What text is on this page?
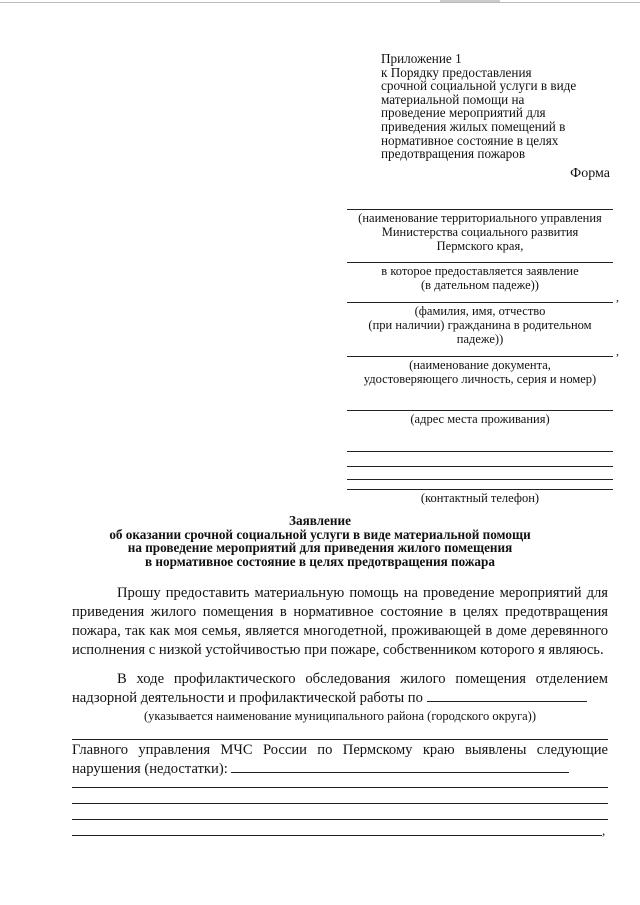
Приложение 1
к Порядку предоставления
срочной социальной услуги в виде
материальной помощи на
проведение мероприятий для
приведения жилых помещений в
нормативное состояние в целях
предотвращения пожаров
Форма
(наименование территориального управления
Министерства социального развития
Пермского края,
в которое предоставляется заявление
(в дательном падеже))
,
(фамилия, имя, отчество
(при наличии) гражданина в родительном
падеже))
,
(наименование документа,
удостоверяющего личность, серия и номер)
(адрес места проживания)
(контактный телефон)
Заявление
об оказании срочной социальной услуги в виде материальной помощи
на проведение мероприятий для приведения жилого помещения
в нормативное состояние в целях предотвращения пожара
Прошу предоставить материальную помощь на проведение мероприятий для приведения жилого помещения в нормативное состояние в целях предотвращения пожара, так как моя семья, является многодетной, проживающей в доме деревянного исполнения с низкой устойчивостью при пожаре, собственником которого я являюсь.
В ходе профилактического обследования жилого помещения отделением надзорной деятельности и профилактической работы по
(указывается наименование муниципального района (городского округа))
Главного управления МЧС России по Пермскому краю выявлены следующие нарушения (недостатки):
,
